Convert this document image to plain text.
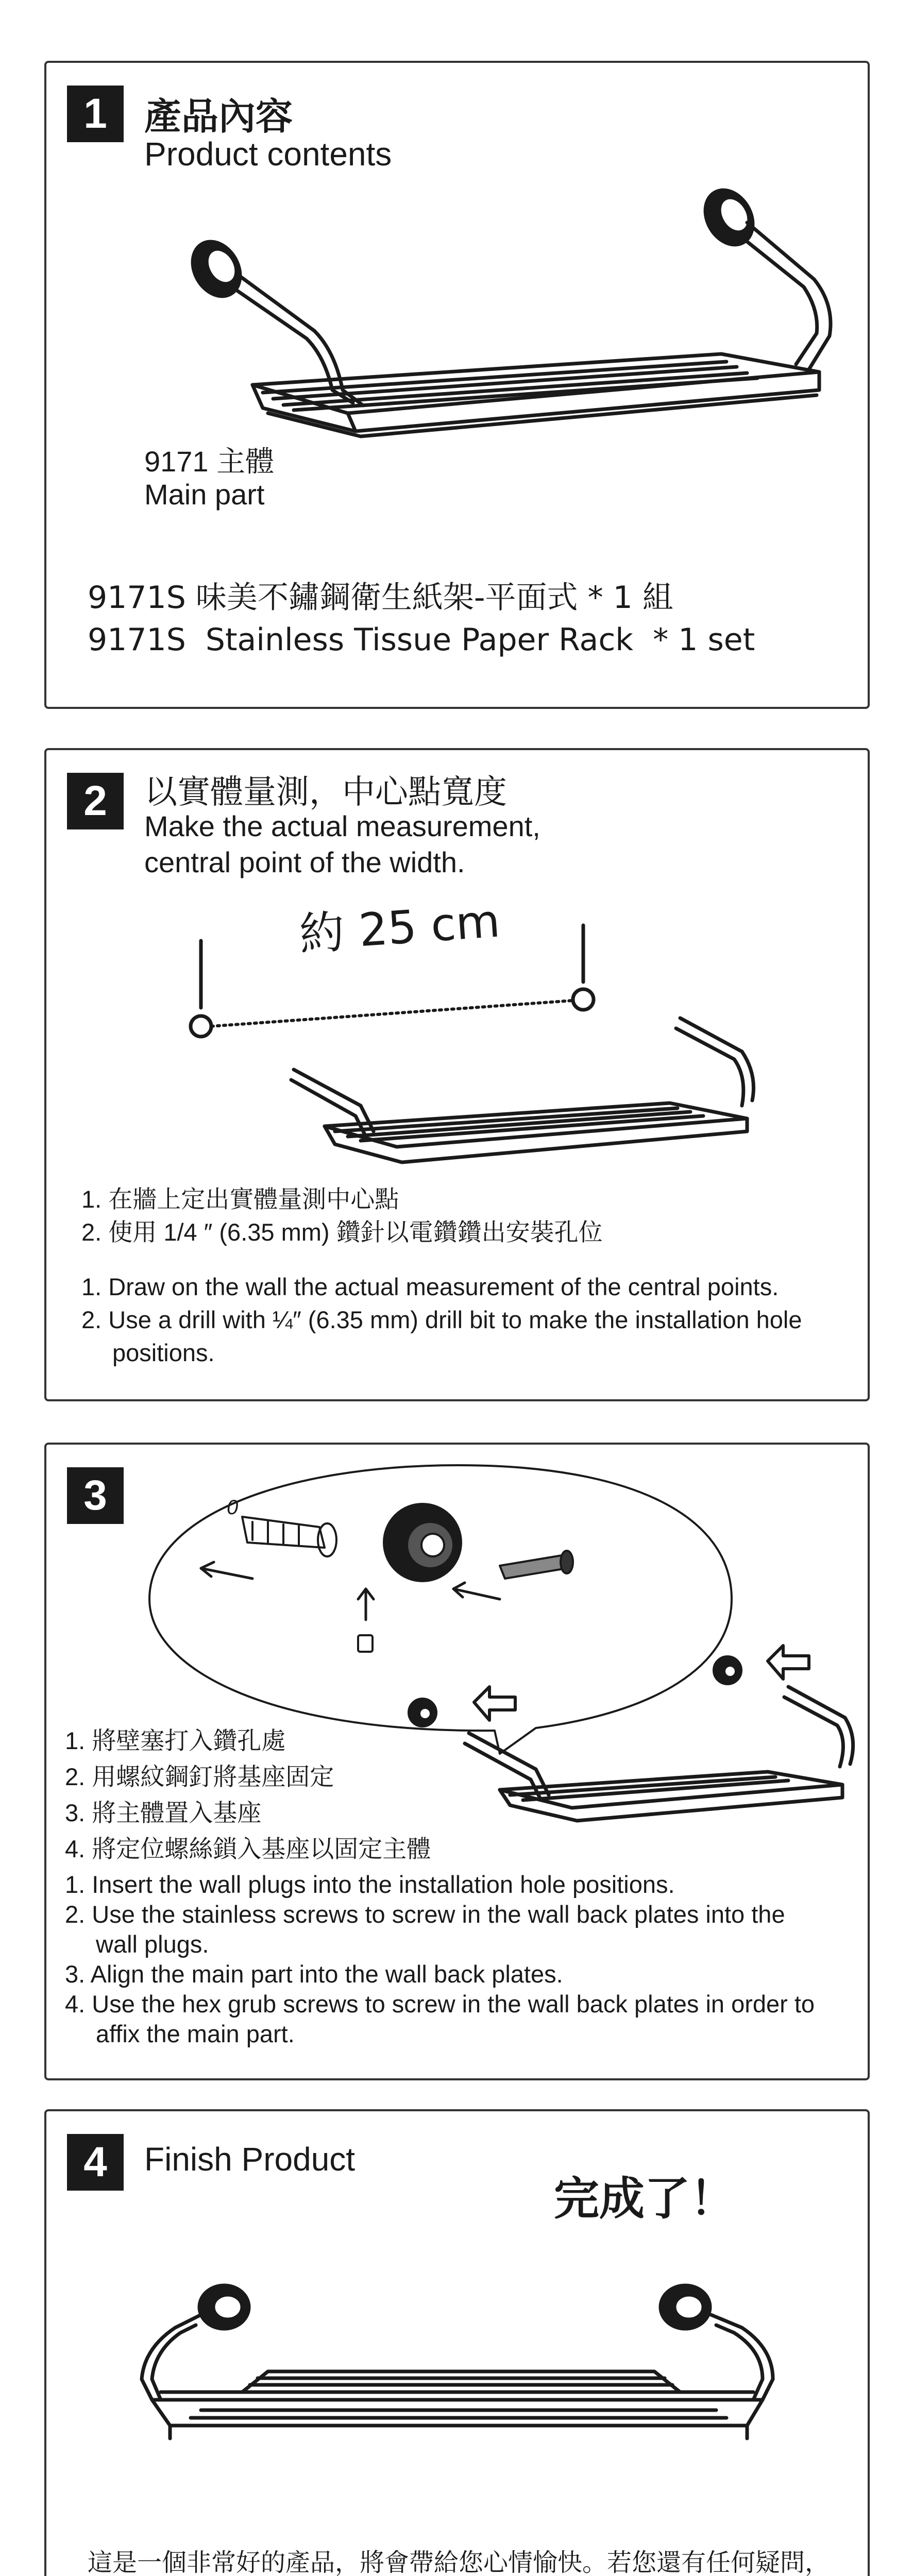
1	產品內容
Product contents
9171 主體
Main part
9171S 味美不鏽鋼衛生紙架-平面式 * 1 組
9171S  Stainless Tissue Paper Rack  * 1 set
2	以實體量測，中心點寬度
Make the actual measurement,
central point of the width.
約 25 cm
1. 在牆上定出實體量測中心點
2. 使用 1/4 ″ (6.35 mm) 鑽針以電鑽鑽出安裝孔位
1. Draw on the wall the actual measurement of the central points.
2. Use a drill with ¼″ (6.35 mm) drill bit to make the installation hole positions.
3	0
1. 將壁塞打入鑽孔處
2. 用螺紋鋼釘將基座固定
3. 將主體置入基座
4. 將定位螺絲鎖入基座以固定主體
1. Insert the wall plugs into the installation hole positions.
2. Use the stainless screws to screw in the wall back plates into the wall plugs.
3. Align the main part into the wall back plates.
4. Use the hex grub screws to screw in the wall back plates in order to affix the main part.
4	Finish Product
完成了！
這是一個非常好的產品，將會帶給您心情愉快。若您還有任何疑問，
